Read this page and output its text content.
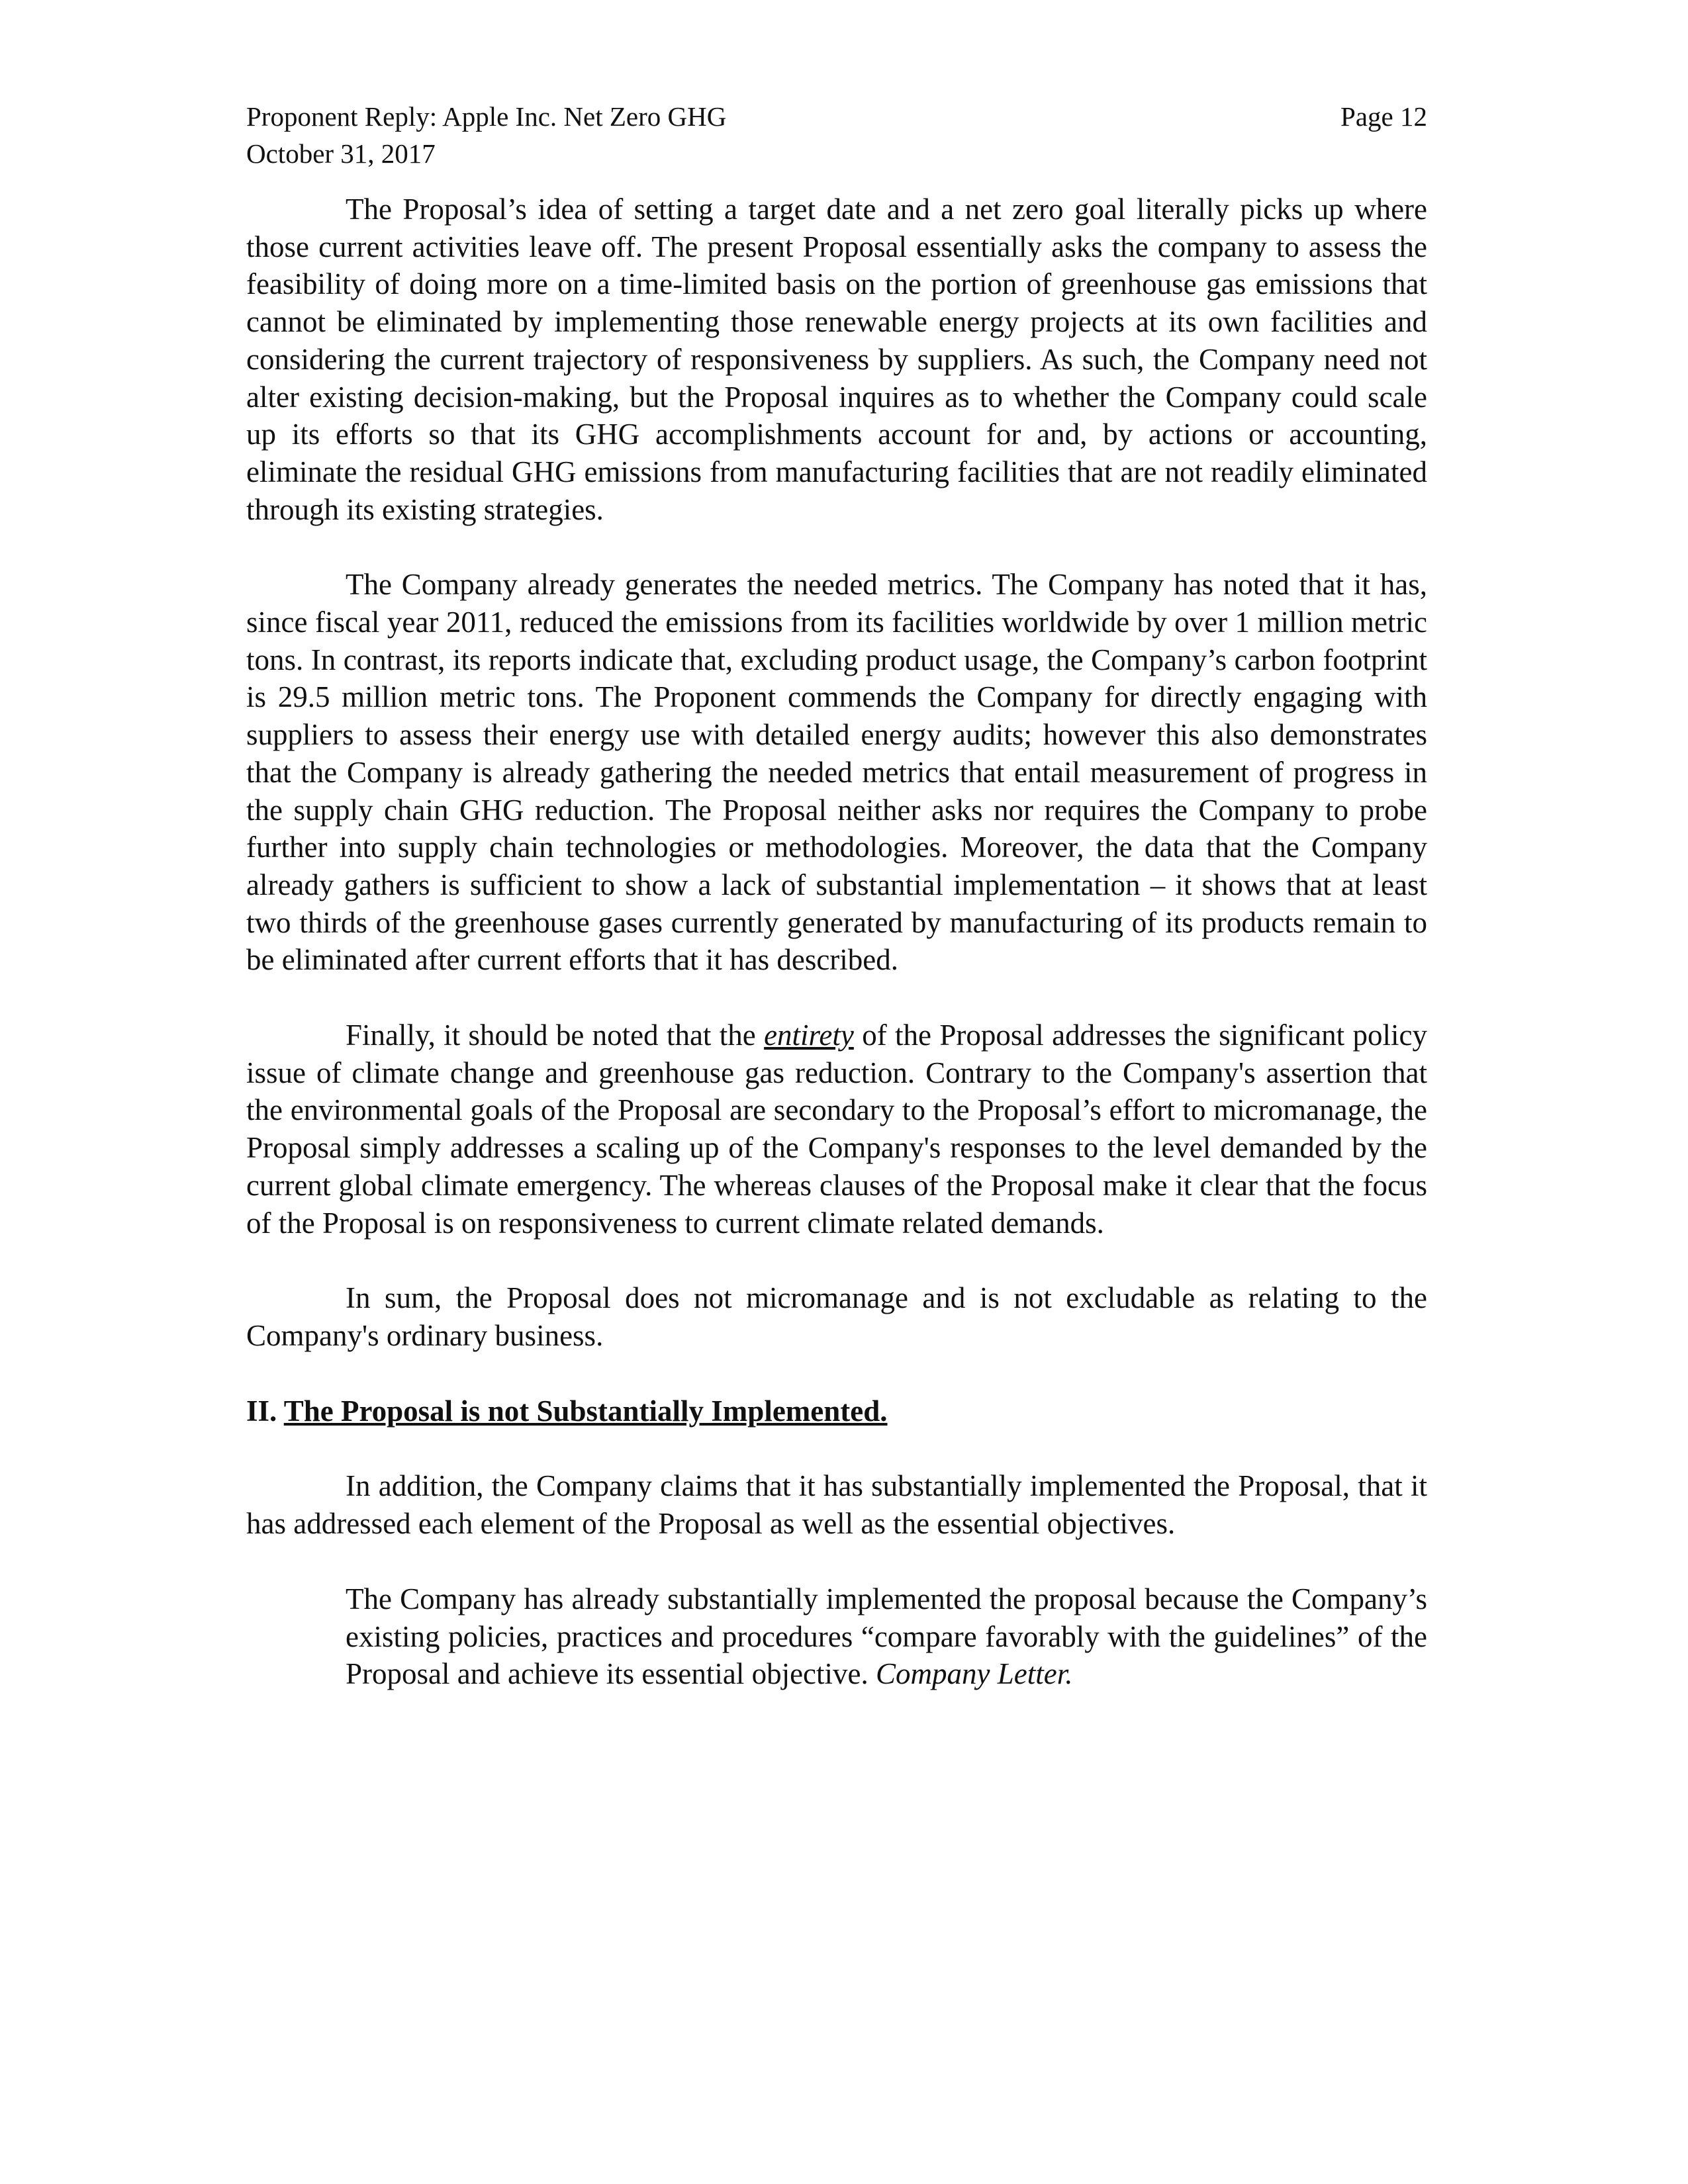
Proponent Reply: Apple Inc. Net Zero GHG
October 31, 2017
Page 12

The Proposal’s idea of setting a target date and a net zero goal literally picks up where those current activities leave off. The present Proposal essentially asks the company to assess the feasibility of doing more on a time-limited basis on the portion of greenhouse gas emissions that cannot be eliminated by implementing those renewable energy projects at its own facilities and considering the current trajectory of responsiveness by suppliers. As such, the Company need not alter existing decision-making, but the Proposal inquires as to whether the Company could scale up its efforts so that its GHG accomplishments account for and, by actions or accounting, eliminate the residual GHG emissions from manufacturing facilities that are not readily eliminated through its existing strategies.

The Company already generates the needed metrics. The Company has noted that it has, since fiscal year 2011, reduced the emissions from its facilities worldwide by over 1 million metric tons. In contrast, its reports indicate that, excluding product usage, the Company’s carbon footprint is 29.5 million metric tons. The Proponent commends the Company for directly engaging with suppliers to assess their energy use with detailed energy audits; however this also demonstrates that the Company is already gathering the needed metrics that entail measurement of progress in the supply chain GHG reduction. The Proposal neither asks nor requires the Company to probe further into supply chain technologies or methodologies. Moreover, the data that the Company already gathers is sufficient to show a lack of substantial implementation – it shows that at least two thirds of the greenhouse gases currently generated by manufacturing of its products remain to be eliminated after current efforts that it has described.

Finally, it should be noted that the entirety of the Proposal addresses the significant policy issue of climate change and greenhouse gas reduction. Contrary to the Company's assertion that the environmental goals of the Proposal are secondary to the Proposal’s effort to micromanage, the Proposal simply addresses a scaling up of the Company's responses to the level demanded by the current global climate emergency. The whereas clauses of the Proposal make it clear that the focus of the Proposal is on responsiveness to current climate related demands.

In sum, the Proposal does not micromanage and is not excludable as relating to the Company's ordinary business.

II. The Proposal is not Substantially Implemented.

In addition, the Company claims that it has substantially implemented the Proposal, that it has addressed each element of the Proposal as well as the essential objectives.

The Company has already substantially implemented the proposal because the Company’s existing policies, practices and procedures “compare favorably with the guidelines” of the Proposal and achieve its essential objective. Company Letter.
